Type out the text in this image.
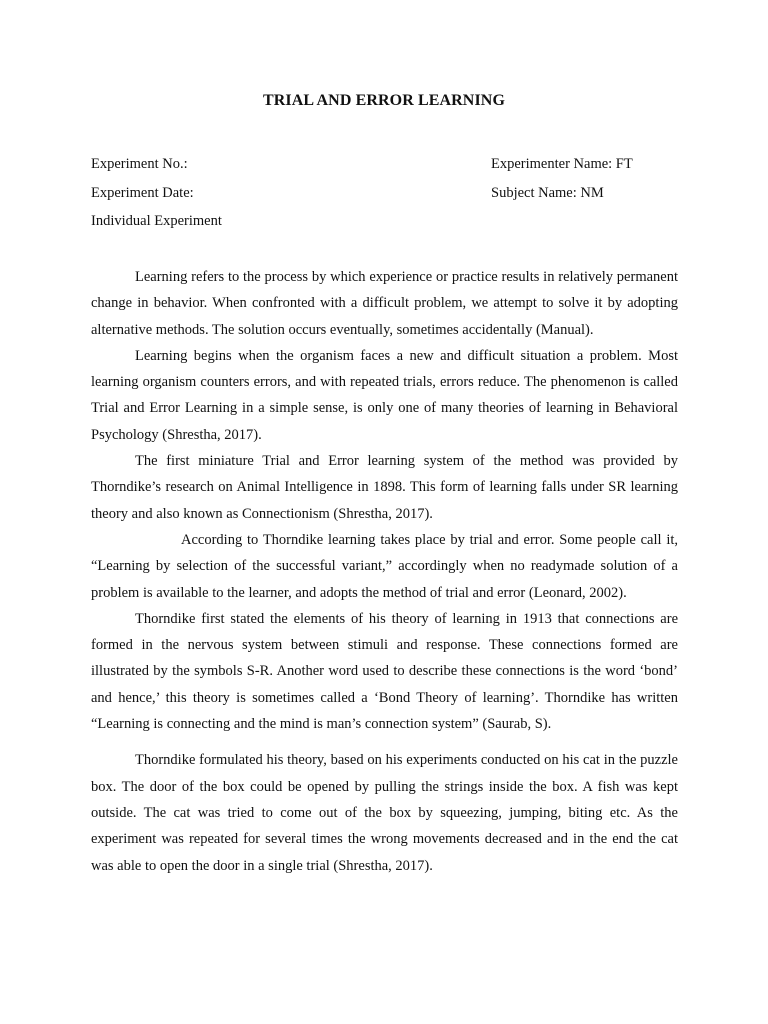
TRIAL AND ERROR LEARNING
Experiment No.:	Experimenter Name: FT
Experiment Date:	Subject Name: NM
Individual Experiment

Learning refers to the process by which experience or practice results in relatively permanent change in behavior. When confronted with a difficult problem, we attempt to solve it by adopting alternative methods. The solution occurs eventually, sometimes accidentally (Manual).

Learning begins when the organism faces a new and difficult situation a problem. Most learning organism counters errors, and with repeated trials, errors reduce. The phenomenon is called Trial and Error Learning in a simple sense, is only one of many theories of learning in Behavioral Psychology (Shrestha, 2017).

The first miniature Trial and Error learning system of the method was provided by Thorndike’s research on Animal Intelligence in 1898. This form of learning falls under SR learning theory and also known as Connectionism (Shrestha, 2017).

According to Thorndike learning takes place by trial and error. Some people call it, “Learning by selection of the successful variant,” accordingly when no readymade solution of a problem is available to the learner, and adopts the method of trial and error (Leonard, 2002).

Thorndike first stated the elements of his theory of learning in 1913 that connections are formed in the nervous system between stimuli and response. These connections formed are illustrated by the symbols S-R. Another word used to describe these connections is the word ‘bond’ and hence,’ this theory is sometimes called a ‘Bond Theory of learning’. Thorndike has written “Learning is connecting and the mind is man’s connection system” (Saurab, S).

Thorndike formulated his theory, based on his experiments conducted on his cat in the puzzle box. The door of the box could be opened by pulling the strings inside the box. A fish was kept outside. The cat was tried to come out of the box by squeezing, jumping, biting etc. As the experiment was repeated for several times the wrong movements decreased and in the end the cat was able to open the door in a single trial (Shrestha, 2017).
